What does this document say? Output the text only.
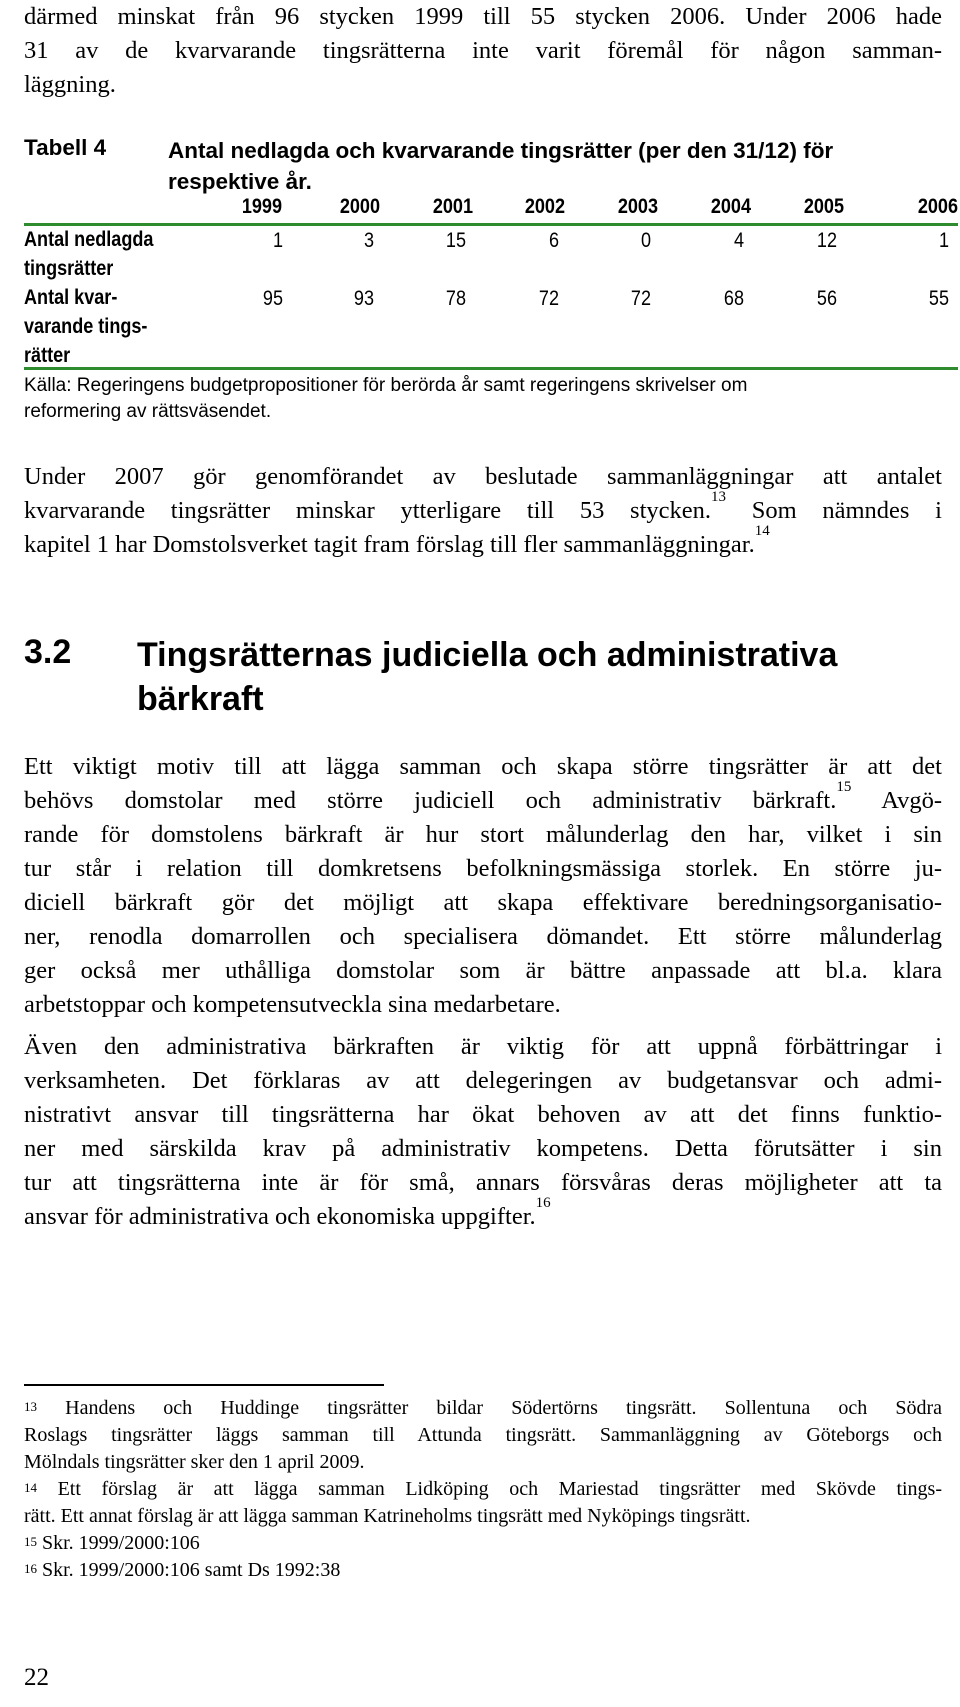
därmed minskat från 96 stycken 1999 till 55 stycken 2006. Under 2006 hade
31 av de kvarvarande tingsrätterna inte varit föremål för någon samman-
läggning.
Tabell 4	Antal nedlagda och kvarvarande tingsrätter (per den 31/12) för
respektive år.
1999	2000	2001	2002	2003	2004	2005	2006
Antal nedlagda
tingsrätter
1	3	15	6	0	4	12	1
Antal kvar-
varande tings-
rätter
95	93	78	72	72	68	56	55
Källa: Regeringens budgetpropositioner för berörda år samt regeringens skrivelser om
reformering av rättsväsendet.
Under 2007 gör genomförandet av beslutade sammanläggningar att antalet
kvarvarande tingsrätter minskar ytterligare till 53 stycken.$^{13}$ Som nämndes i
kapitel 1 har Domstolsverket tagit fram förslag till fler sammanläggningar.$^{14}$
3.2 Tingsrätternas judiciella och administrativa
bärkraft
Ett viktigt motiv till att lägga samman och skapa större tingsrätter är att det
behövs domstolar med större judiciell och administrativ bärkraft.$^{15}$ Avgö-
rande för domstolens bärkraft är hur stort målunderlag den har, vilket i sin
tur står i relation till domkretsens befolkningsmässiga storlek. En större ju-
diciell bärkraft gör det möjligt att skapa effektivare beredningsorganisatio-
ner, renodla domarrollen och specialisera dömandet. Ett större målunderlag
ger också mer uthålliga domstolar som är bättre anpassade att bl.a. klara
arbetstoppar och kompetensutveckla sina medarbetare.
Även den administrativa bärkraften är viktig för att uppnå förbättringar i
verksamheten. Det förklaras av att delegeringen av budgetansvar och admi-
nistrativt ansvar till tingsrätterna har ökat behoven av att det finns funktio-
ner med särskilda krav på administrativ kompetens. Detta förutsätter i sin
tur att tingsrätterna inte är för små, annars försvåras deras möjligheter att ta
ansvar för administrativa och ekonomiska uppgifter.$^{16}$
$^{13}$ Handens och Huddinge tingsrätter bildar Södertörns tingsrätt. Sollentuna och Södra
Roslags tingsrätter läggs samman till Attunda tingsrätt. Sammanläggning av Göteborgs och
Mölndals tingsrätter sker den 1 april 2009.
$^{14}$ Ett förslag är att lägga samman Lidköping och Mariestad tingsrätter med Skövde tings-
rätt. Ett annat förslag är att lägga samman Katrineholms tingsrätt med Nyköpings tingsrätt.
$^{15}$ Skr. 1999/2000:106
$^{16}$ Skr. 1999/2000:106 samt Ds 1992:38
22
